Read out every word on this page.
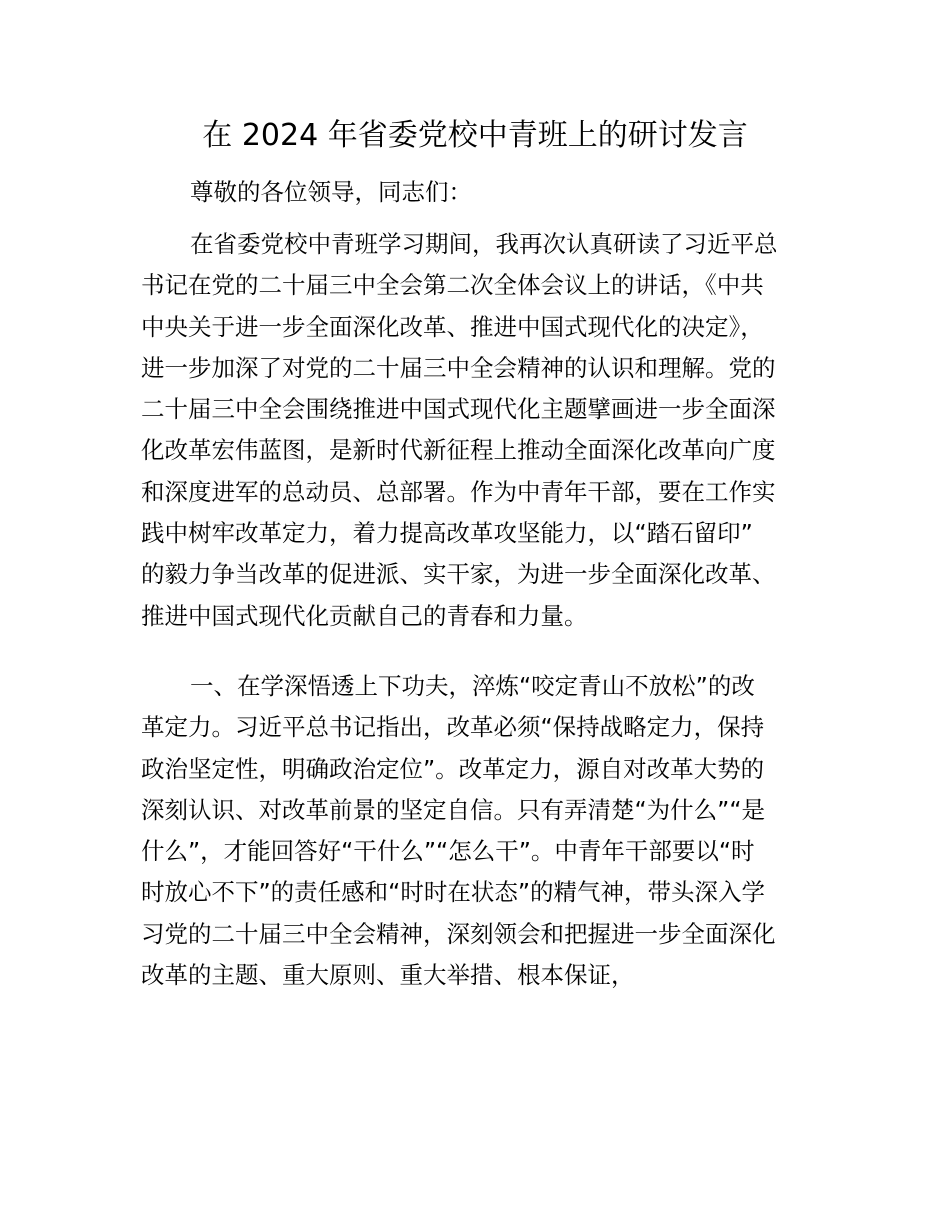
在 2024 年省委党校中青班上的研讨发言

尊敬的各位领导，同志们：

在省委党校中青班学习期间，我再次认真研读了习近平总
书记在党的二十届三中全会第二次全体会议上的讲话，《中共
中央关于进一步全面深化改革、推进中国式现代化的决定》，
进一步加深了对党的二十届三中全会精神的认识和理解。党的
二十届三中全会围绕推进中国式现代化主题擘画进一步全面深
化改革宏伟蓝图，是新时代新征程上推动全面深化改革向广度
和深度进军的总动员、总部署。作为中青年干部，要在工作实
践中树牢改革定力，着力提高改革攻坚能力，以“踏石留印”
的毅力争当改革的促进派、实干家，为进一步全面深化改革、
推进中国式现代化贡献自己的青春和力量。
一、在学深悟透上下功夫，淬炼“咬定青山不放松”的改
革定力。习近平总书记指出，改革必须“保持战略定力，保持
政治坚定性，明确政治定位”。改革定力，源自对改革大势的
深刻认识、对改革前景的坚定自信。只有弄清楚“为什么”“是
什么”，才能回答好“干什么”“怎么干”。中青年干部要以“时
时放心不下”的责任感和“时时在状态”的精气神，带头深入学
习党的二十届三中全会精神，深刻领会和把握进一步全面深化
改革的主题、重大原则、重大举措、根本保证，
